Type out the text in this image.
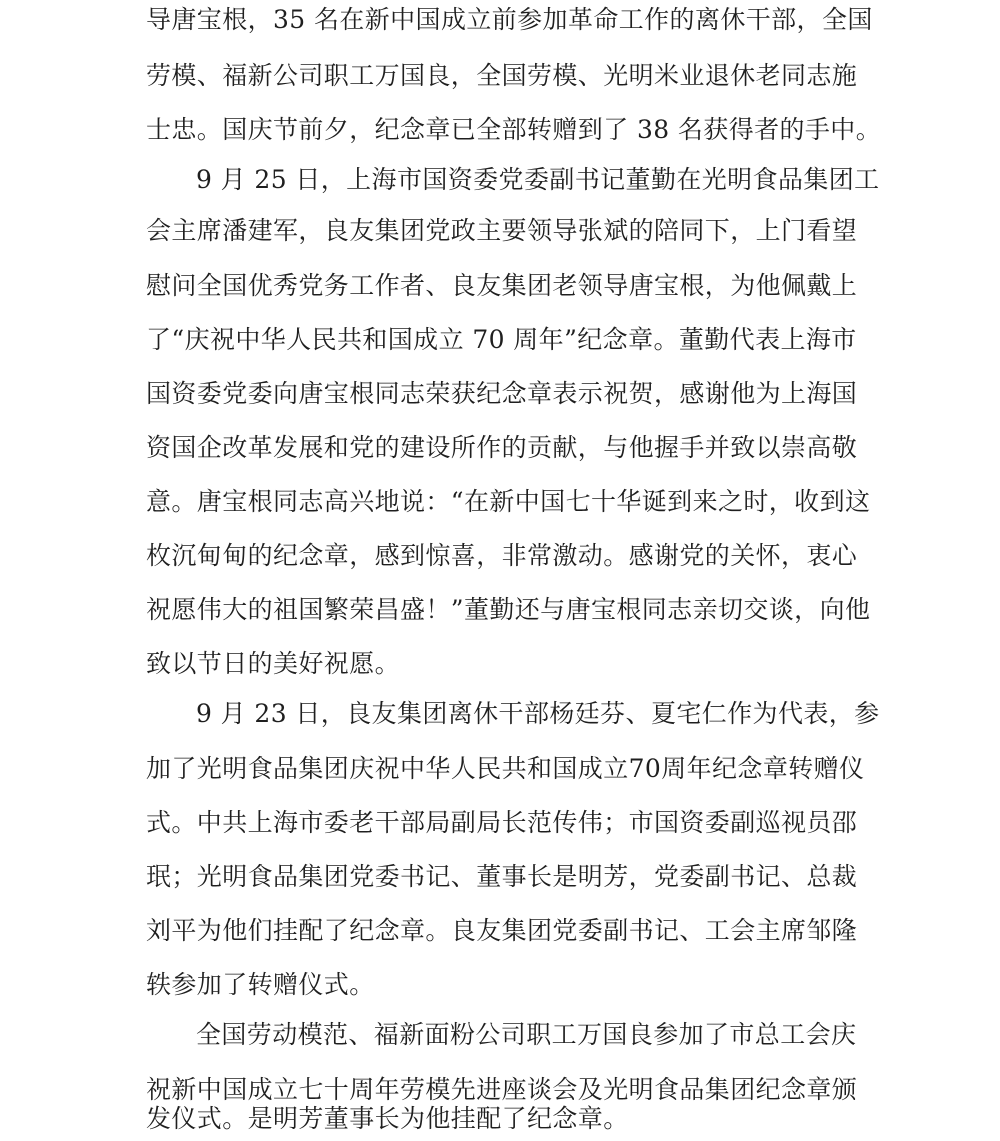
导唐宝根，35 名在新中国成立前参加革命工作的离休干部，全国
劳模、福新公司职工万国良，全国劳模、光明米业退休老同志施
士忠。国庆节前夕，纪念章已全部转赠到了 38 名获得者的手中。
9 月 25 日，上海市国资委党委副书记董勤在光明食品集团工
会主席潘建军，良友集团党政主要领导张斌的陪同下，上门看望
慰问全国优秀党务工作者、良友集团老领导唐宝根，为他佩戴上
了“庆祝中华人民共和国成立 70 周年”纪念章。董勤代表上海市
国资委党委向唐宝根同志荣获纪念章表示祝贺，感谢他为上海国
资国企改革发展和党的建设所作的贡献，与他握手并致以崇高敬
意。唐宝根同志高兴地说：“在新中国七十华诞到来之时，收到这
枚沉甸甸的纪念章，感到惊喜，非常激动。感谢党的关怀，衷心
祝愿伟大的祖国繁荣昌盛！”董勤还与唐宝根同志亲切交谈，向他
致以节日的美好祝愿。
9 月 23 日，良友集团离休干部杨廷芬、夏宅仁作为代表，参
加了光明食品集团庆祝中华人民共和国成立70周年纪念章转赠仪
式。中共上海市委老干部局副局长范传伟；市国资委副巡视员邵
珉；光明食品集团党委书记、董事长是明芳，党委副书记、总裁
刘平为他们挂配了纪念章。良友集团党委副书记、工会主席邹隆
轶参加了转赠仪式。
全国劳动模范、福新面粉公司职工万国良参加了市总工会庆
祝新中国成立七十周年劳模先进座谈会及光明食品集团纪念章颁
发仪式。是明芳董事长为他挂配了纪念章。
